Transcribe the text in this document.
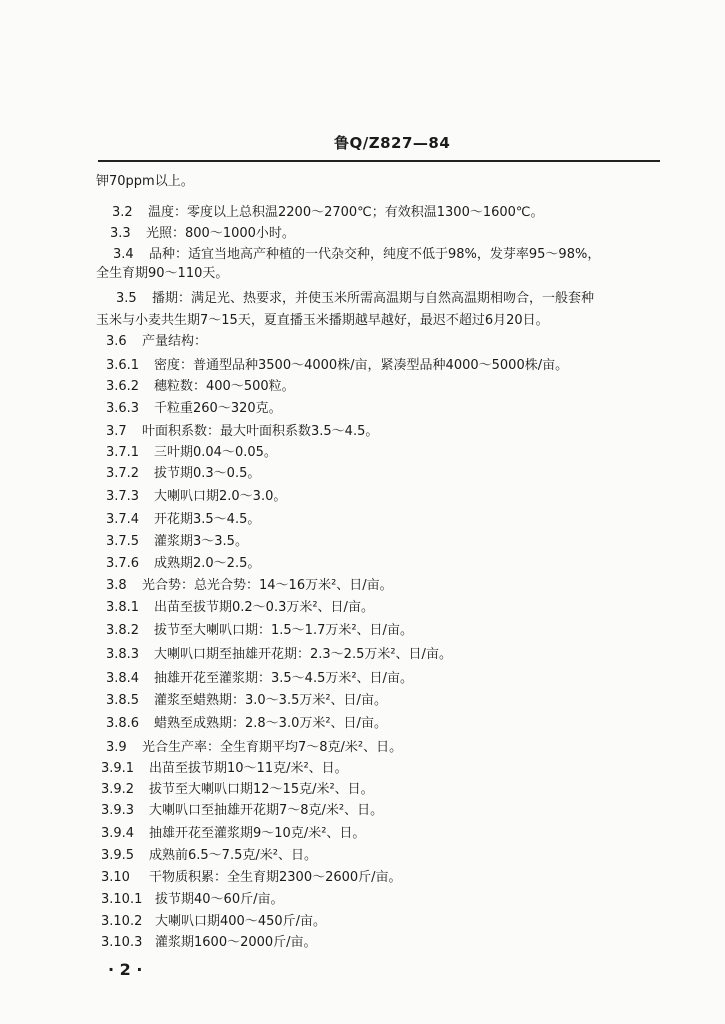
鲁Q/Z827—84
钾70ppm以上。
3.2 温度：零度以上总积温2200～2700℃；有效积温1300～1600℃。
3.3 光照：800～1000小时。
3.4 品种：适宜当地高产种植的一代杂交种，纯度不低于98%，发芽率95～98%，
全生育期90～110天。
3.5 播期：满足光、热要求，并使玉米所需高温期与自然高温期相吻合，一般套种
玉米与小麦共生期7～15天，夏直播玉米播期越早越好，最迟不超过6月20日。
3.6 产量结构：
3.6.1 密度：普通型品种3500～4000株/亩，紧凑型品种4000～5000株/亩。
3.6.2 穗粒数：400～500粒。
3.6.3 千粒重260～320克。
3.7 叶面积系数：最大叶面积系数3.5～4.5。
3.7.1 三叶期0.04～0.05。
3.7.2 拔节期0.3～0.5。
3.7.3 大喇叭口期2.0～3.0。
3.7.4 开花期3.5～4.5。
3.7.5 灌浆期3～3.5。
3.7.6 成熟期2.0～2.5。
3.8 光合势：总光合势：14～16万米²、日/亩。
3.8.1 出苗至拔节期0.2～0.3万米²、日/亩。
3.8.2 拔节至大喇叭口期：1.5～1.7万米²、日/亩。
3.8.3 大喇叭口期至抽雄开花期：2.3～2.5万米²、日/亩。
3.8.4 抽雄开花至灌浆期：3.5～4.5万米²、日/亩。
3.8.5 灌浆至蜡熟期：3.0～3.5万米²、日/亩。
3.8.6 蜡熟至成熟期：2.8～3.0万米²、日/亩。
3.9 光合生产率：全生育期平均7～8克/米²、日。
3.9.1 出苗至拔节期10～11克/米²、日。
3.9.2 拔节至大喇叭口期12～15克/米²、日。
3.9.3 大喇叭口至抽雄开花期7～8克/米²、日。
3.9.4 抽雄开花至灌浆期9～10克/米²、日。
3.9.5 成熟前6.5～7.5克/米²、日。
3.10 干物质积累：全生育期2300～2600斤/亩。
3.10.1 拔节期40～60斤/亩。
3.10.2 大喇叭口期400～450斤/亩。
3.10.3 灌浆期1600～2000斤/亩。
· 2 ·
